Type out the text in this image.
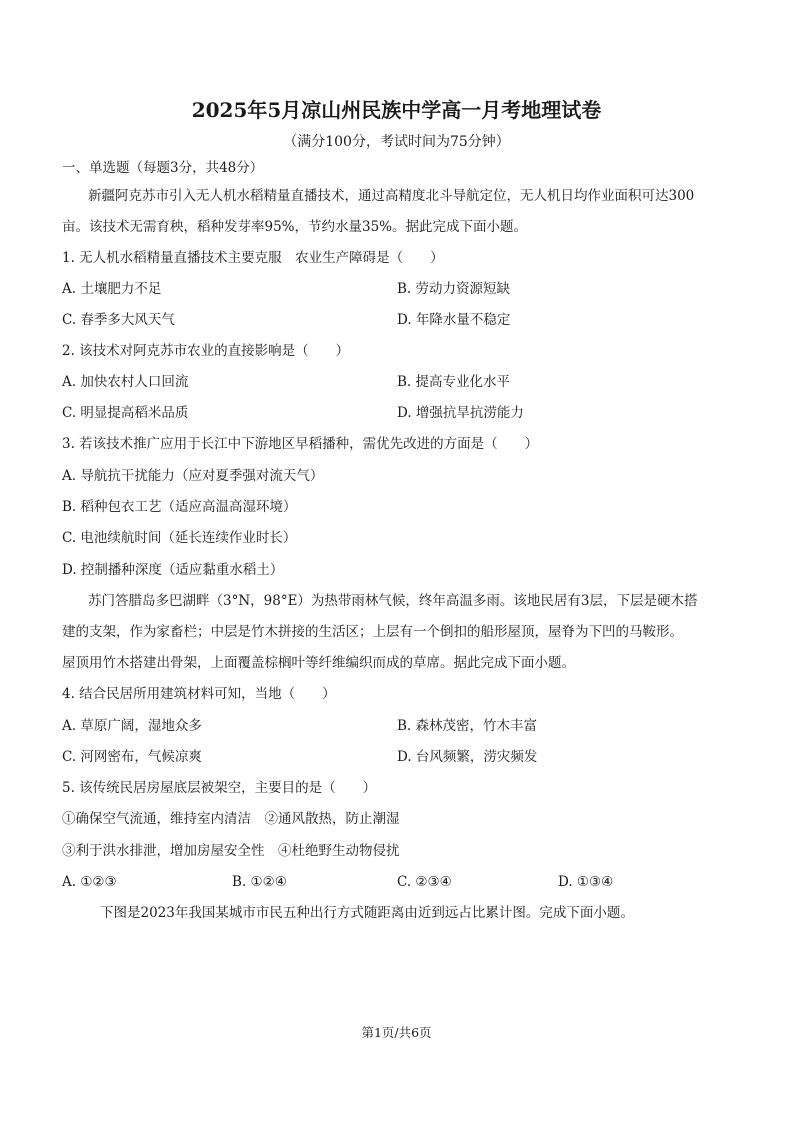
2025年5月凉山州民族中学高一月考地理试卷
（满分100分，考试时间为75分钟）
一、单选题（每题3分，共48分）
新疆阿克苏市引入无人机水稻精量直播技术，通过高精度北斗导航定位，无人机日均作业面积可达300
亩。该技术无需育秧，稻种发芽率95%，节约水量35%。据此完成下面小题。
1. 无人机水稻精量直播技术主要克服　农业生产障碍是（　　）
A. 土壤肥力不足	B. 劳动力资源短缺
C. 春季多大风天气	D. 年降水量不稳定
2. 该技术对阿克苏市农业的直接影响是（　　）
A. 加快农村人口回流	B. 提高专业化水平
C. 明显提高稻米品质	D. 增强抗旱抗涝能力
3. 若该技术推广应用于长江中下游地区早稻播种，需优先改进的方面是（　　）
A. 导航抗干扰能力（应对夏季强对流天气）
B. 稻种包衣工艺（适应高温高湿环境）
C. 电池续航时间（延长连续作业时长）
D. 控制播种深度（适应黏重水稻土）
苏门答腊岛多巴湖畔（3°N，98°E）为热带雨林气候，终年高温多雨。该地民居有3层，下层是硬木搭
建的支架，作为家畜栏；中层是竹木拼接的生活区；上层有一个倒扣的船形屋顶，屋脊为下凹的马鞍形。
屋顶用竹木搭建出骨架，上面覆盖棕榈叶等纤维编织而成的草席。据此完成下面小题。
4. 结合民居所用建筑材料可知，当地（　　）
A. 草原广阔，湿地众多	B. 森林茂密，竹木丰富
C. 河网密布，气候凉爽	D. 台风频繁，涝灾频发
5. 该传统民居房屋底层被架空，主要目的是（　　）
①确保空气流通，维持室内清洁　②通风散热，防止潮湿
③利于洪水排泄，增加房屋安全性　④杜绝野生动物侵扰
A. ①②③	B. ①②④	C. ②③④	D. ①③④
下图是2023年我国某城市市民五种出行方式随距离由近到远占比累计图。完成下面小题。
第1页/共6页
